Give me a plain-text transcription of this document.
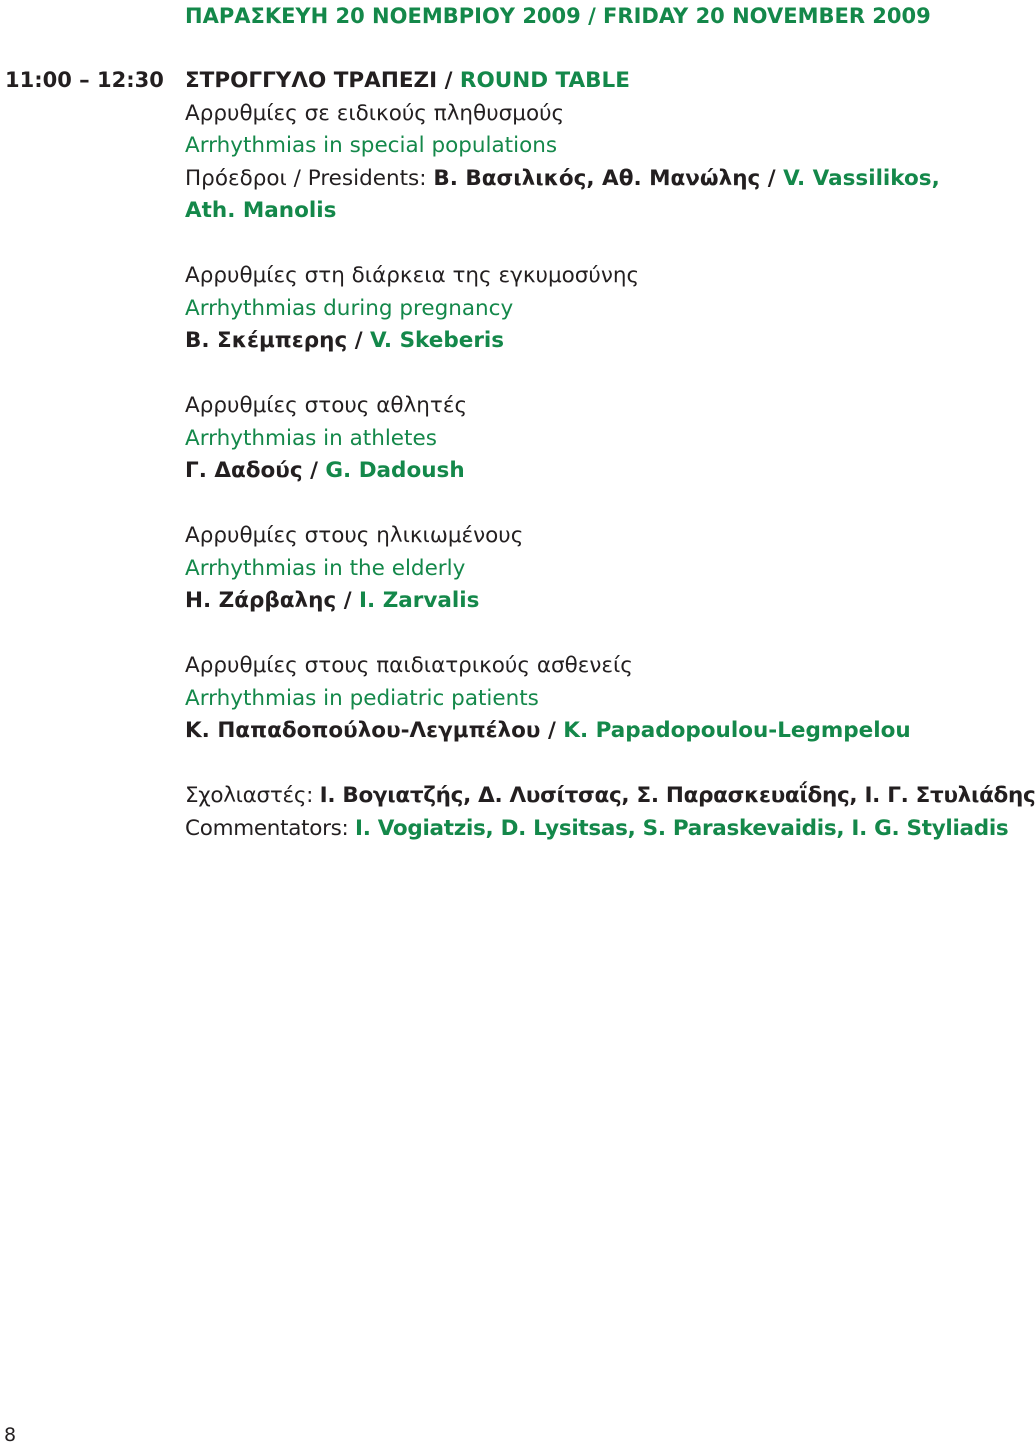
ΠΑΡΑΣΚΕΥΗ 20 ΝΟΕΜΒΡΙΟΥ 2009 / FRIDAY 20 NOVEMBER 2009
11:00 – 12:30 ΣΤΡΟΓΓΥΛΟ ΤΡΑΠΕΖΙ / ROUND TABLE
Αρρυθμίες σε ειδικούς πληθυσμούς
Arrhythmias in special populations
Πρόεδροι / Presidents: Β. Βασιλικός, Αθ. Μανώλης / V. Vassilikos, Ath. Manolis
Αρρυθμίες στη διάρκεια της εγκυμοσύνης
Arrhythmias during pregnancy
Β. Σκέμπερης / V. Skeberis
Αρρυθμίες στους αθλητές
Arrhythmias in athletes
Γ. Δαδούς / G. Dadoush
Αρρυθμίες στους ηλικιωμένους
Arrhythmias in the elderly
Η. Ζάρβαλης / I. Zarvalis
Αρρυθμίες στους παιδιατρικούς ασθενείς
Arrhythmias in pediatric patients
Κ. Παπαδοπούλου-Λεγμπέλου / K. Papadopoulou-Legmpelou
Σχολιαστές: Ι. Βογιατζής, Δ. Λυσίτσας, Σ. Παρασκευαΐδης, Ι. Γ. Στυλιάδης
Commentators: I. Vogiatzis, D. Lysitsas, S. Paraskevaidis, I. G. Styliadis
8
